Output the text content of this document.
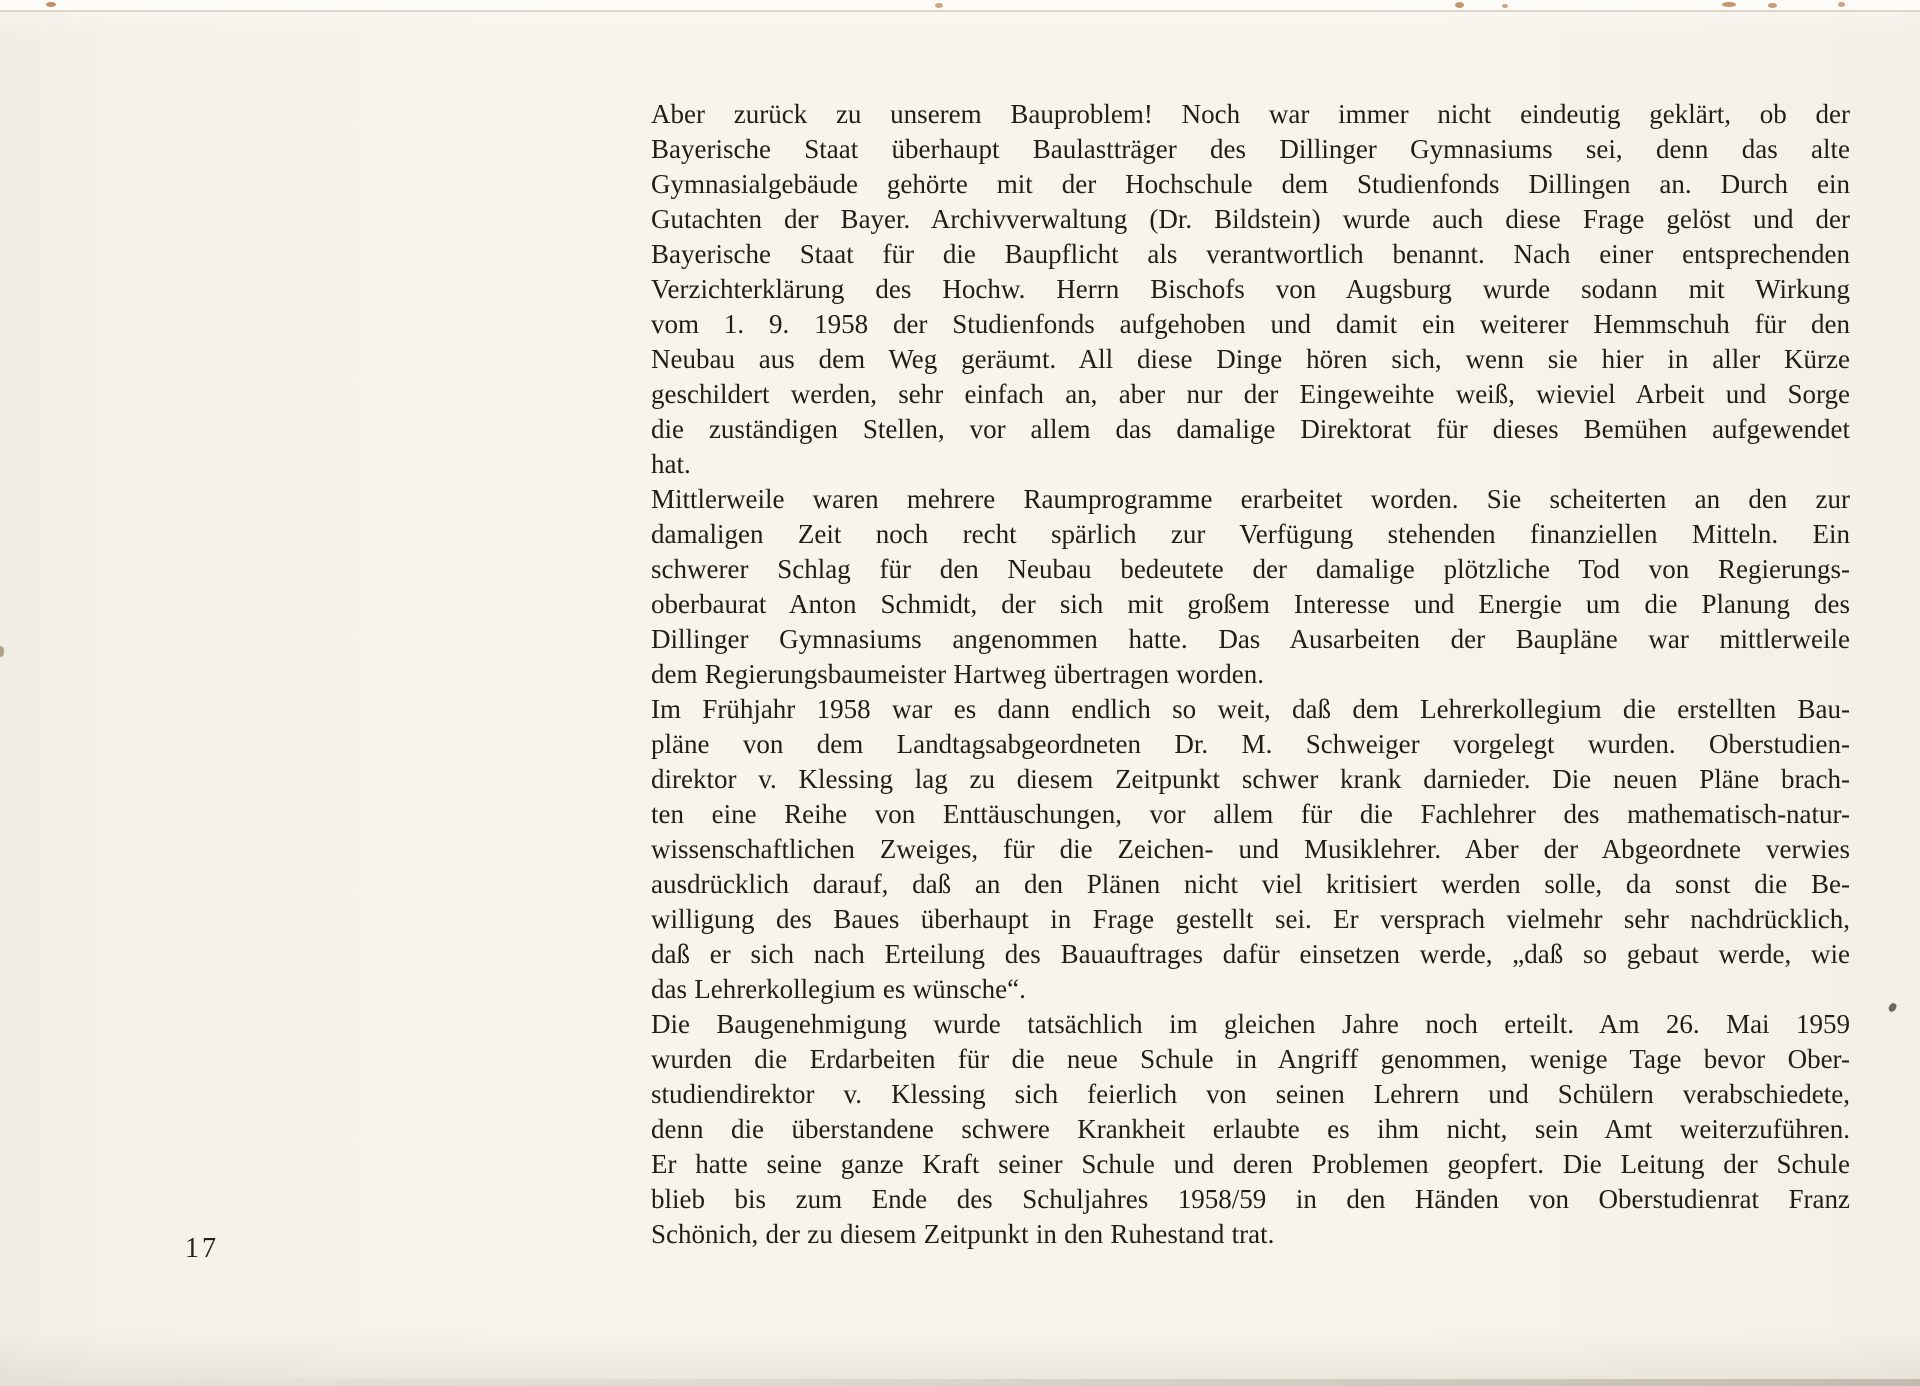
Aber zurück zu unserem Bauproblem! Noch war immer nicht eindeutig geklärt, ob der
Bayerische Staat überhaupt Baulastträger des Dillinger Gymnasiums sei, denn das alte
Gymnasialgebäude gehörte mit der Hochschule dem Studienfonds Dillingen an. Durch ein
Gutachten der Bayer. Archivverwaltung (Dr. Bildstein) wurde auch diese Frage gelöst und der
Bayerische Staat für die Baupflicht als verantwortlich benannt. Nach einer entsprechenden
Verzichterklärung des Hochw. Herrn Bischofs von Augsburg wurde sodann mit Wirkung
vom 1. 9. 1958 der Studienfonds aufgehoben und damit ein weiterer Hemmschuh für den
Neubau aus dem Weg geräumt. All diese Dinge hören sich, wenn sie hier in aller Kürze
geschildert werden, sehr einfach an, aber nur der Eingeweihte weiß, wieviel Arbeit und Sorge
die zuständigen Stellen, vor allem das damalige Direktorat für dieses Bemühen aufgewendet
hat.
Mittlerweile waren mehrere Raumprogramme erarbeitet worden. Sie scheiterten an den zur
damaligen Zeit noch recht spärlich zur Verfügung stehenden finanziellen Mitteln. Ein
schwerer Schlag für den Neubau bedeutete der damalige plötzliche Tod von Regierungs-
oberbaurat Anton Schmidt, der sich mit großem Interesse und Energie um die Planung des
Dillinger Gymnasiums angenommen hatte. Das Ausarbeiten der Baupläne war mittlerweile
dem Regierungsbaumeister Hartweg übertragen worden.
Im Frühjahr 1958 war es dann endlich so weit, daß dem Lehrerkollegium die erstellten Bau-
pläne von dem Landtagsabgeordneten Dr. M. Schweiger vorgelegt wurden. Oberstudien-
direktor v. Klessing lag zu diesem Zeitpunkt schwer krank darnieder. Die neuen Pläne brach-
ten eine Reihe von Enttäuschungen, vor allem für die Fachlehrer des mathematisch-natur-
wissenschaftlichen Zweiges, für die Zeichen- und Musiklehrer. Aber der Abgeordnete verwies
ausdrücklich darauf, daß an den Plänen nicht viel kritisiert werden solle, da sonst die Be-
willigung des Baues überhaupt in Frage gestellt sei. Er versprach vielmehr sehr nachdrücklich,
daß er sich nach Erteilung des Bauauftrages dafür einsetzen werde, „daß so gebaut werde, wie
das Lehrerkollegium es wünsche“.
Die Baugenehmigung wurde tatsächlich im gleichen Jahre noch erteilt. Am 26. Mai 1959
wurden die Erdarbeiten für die neue Schule in Angriff genommen, wenige Tage bevor Ober-
studiendirektor v. Klessing sich feierlich von seinen Lehrern und Schülern verabschiedete,
denn die überstandene schwere Krankheit erlaubte es ihm nicht, sein Amt weiterzuführen.
Er hatte seine ganze Kraft seiner Schule und deren Problemen geopfert. Die Leitung der Schule
blieb bis zum Ende des Schuljahres 1958/59 in den Händen von Oberstudienrat Franz
Schönich, der zu diesem Zeitpunkt in den Ruhestand trat.
17
